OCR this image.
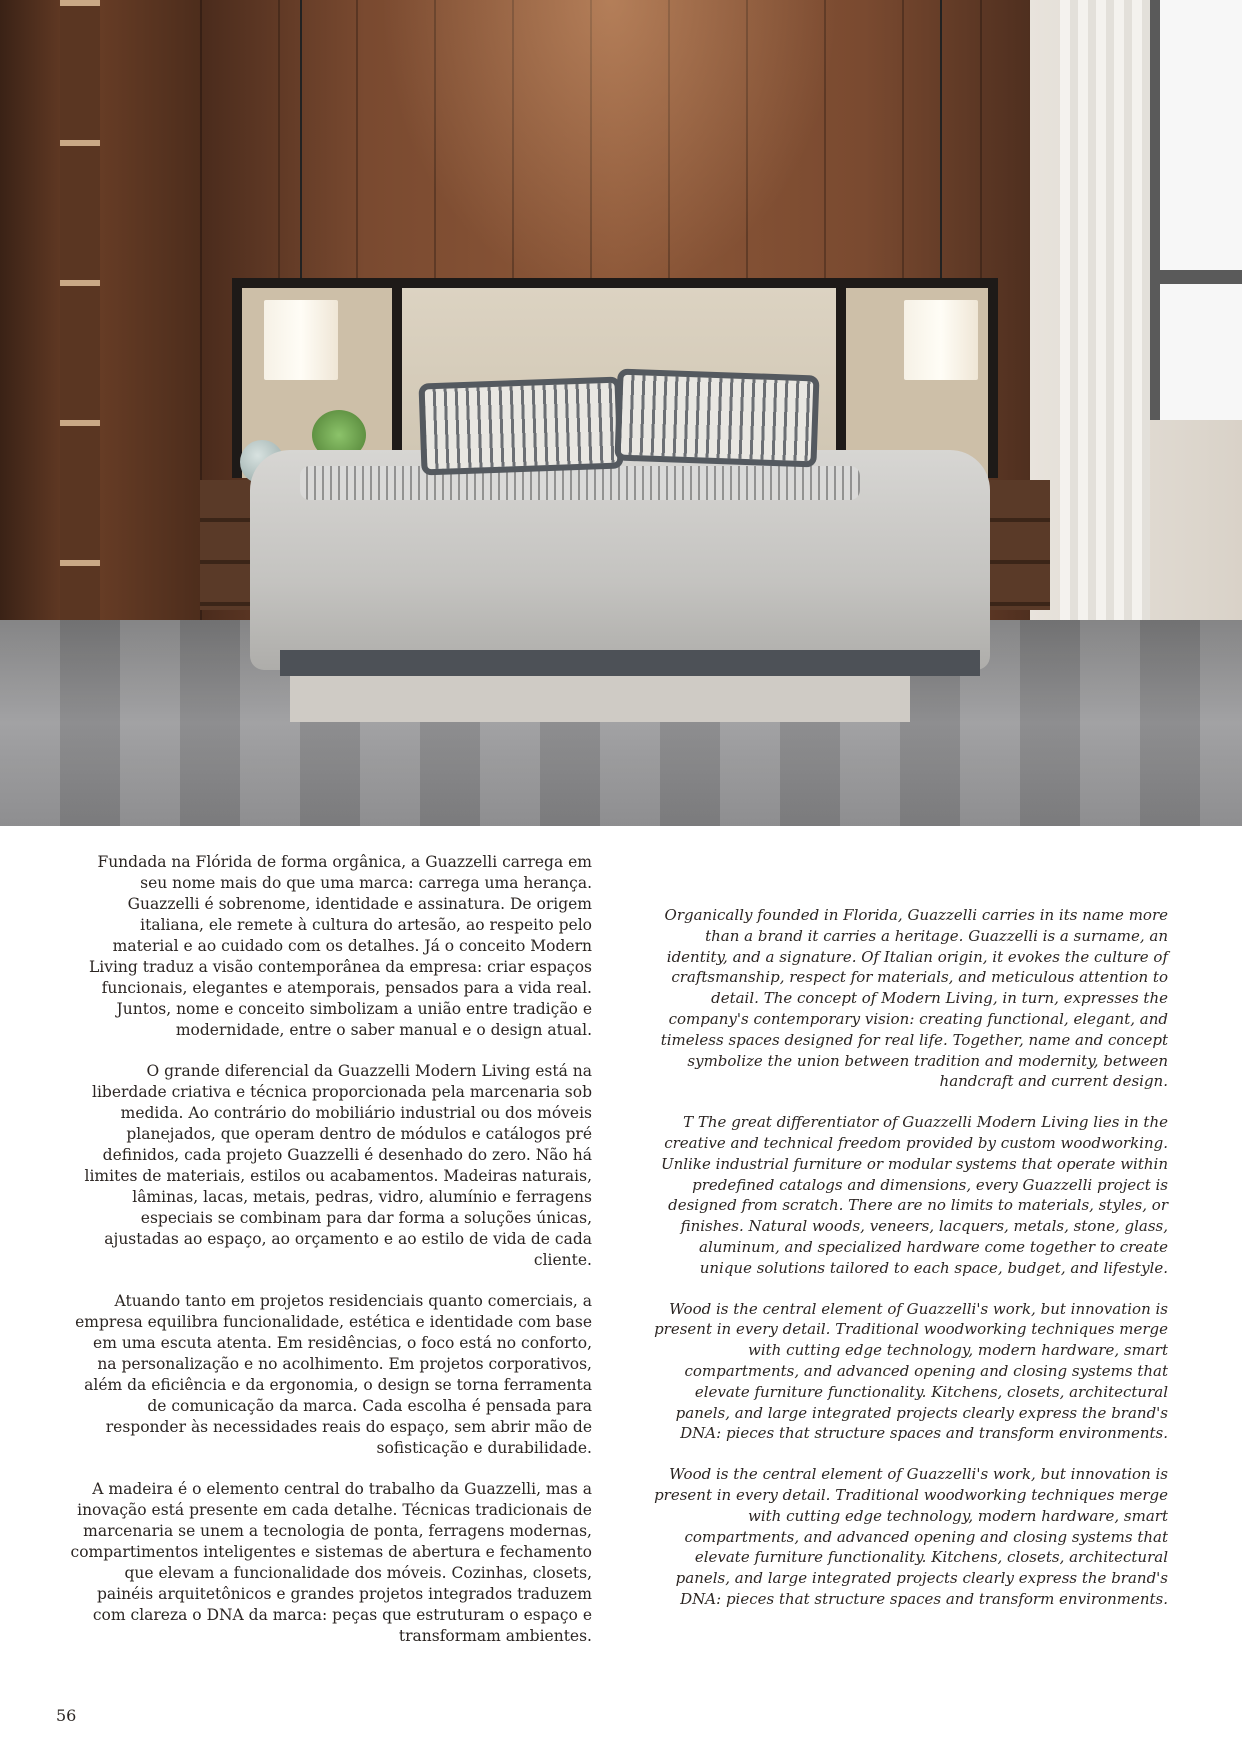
Fundada na Flórida de forma orgânica, a Guazzelli carrega em seu nome mais do que uma marca: carrega uma herança. Guazzelli é sobrenome, identidade e assinatura. De origem italiana, ele remete à cultura do artesão, ao respeito pelo material e ao cuidado com os detalhes. Já o conceito Modern Living traduz a visão contemporânea da empresa: criar espaços funcionais, elegantes e atemporais, pensados para a vida real. Juntos, nome e conceito simbolizam a união entre tradição e modernidade, entre o saber manual e o design atual.

O grande diferencial da Guazzelli Modern Living está na liberdade criativa e técnica proporcionada pela marcenaria sob medida. Ao contrário do mobiliário industrial ou dos móveis planejados, que operam dentro de módulos e catálogos pré definidos, cada projeto Guazzelli é desenhado do zero. Não há limites de materiais, estilos ou acabamentos. Madeiras naturais, lâminas, lacas, metais, pedras, vidro, alumínio e ferragens especiais se combinam para dar forma a soluções únicas, ajustadas ao espaço, ao orçamento e ao estilo de vida de cada cliente.

Atuando tanto em projetos residenciais quanto comerciais, a empresa equilibra funcionalidade, estética e identidade com base em uma escuta atenta. Em residências, o foco está no conforto, na personalização e no acolhimento. Em projetos corporativos, além da eficiência e da ergonomia, o design se torna ferramenta de comunicação da marca. Cada escolha é pensada para responder às necessidades reais do espaço, sem abrir mão de sofisticação e durabilidade.

A madeira é o elemento central do trabalho da Guazzelli, mas a inovação está presente em cada detalhe. Técnicas tradicionais de marcenaria se unem a tecnologia de ponta, ferragens modernas, compartimentos inteligentes e sistemas de abertura e fechamento que elevam a funcionalidade dos móveis. Cozinhas, closets, painéis arquitetônicos e grandes projetos integrados traduzem com clareza o DNA da marca: peças que estruturam o espaço e transformam ambientes.

Organically founded in Florida, Guazzelli carries in its name more than a brand it carries a heritage. Guazzelli is a surname, an identity, and a signature. Of Italian origin, it evokes the culture of craftsmanship, respect for materials, and meticulous attention to detail. The concept of Modern Living, in turn, expresses the company's contemporary vision: creating functional, elegant, and timeless spaces designed for real life. Together, name and concept symbolize the union between tradition and modernity, between handcraft and current design.

T The great differentiator of Guazzelli Modern Living lies in the creative and technical freedom provided by custom woodworking. Unlike industrial furniture or modular systems that operate within predefined catalogs and dimensions, every Guazzelli project is designed from scratch. There are no limits to materials, styles, or finishes. Natural woods, veneers, lacquers, metals, stone, glass, aluminum, and specialized hardware come together to create unique solutions tailored to each space, budget, and lifestyle.

Wood is the central element of Guazzelli's work, but innovation is present in every detail. Traditional woodworking techniques merge with cutting edge technology, modern hardware, smart compartments, and advanced opening and closing systems that elevate furniture functionality. Kitchens, closets, architectural panels, and large integrated projects clearly express the brand's DNA: pieces that structure spaces and transform environments.

Wood is the central element of Guazzelli's work, but innovation is present in every detail. Traditional woodworking techniques merge with cutting edge technology, modern hardware, smart compartments, and advanced opening and closing systems that elevate furniture functionality. Kitchens, closets, architectural panels, and large integrated projects clearly express the brand's DNA: pieces that structure spaces and transform environments.

56
